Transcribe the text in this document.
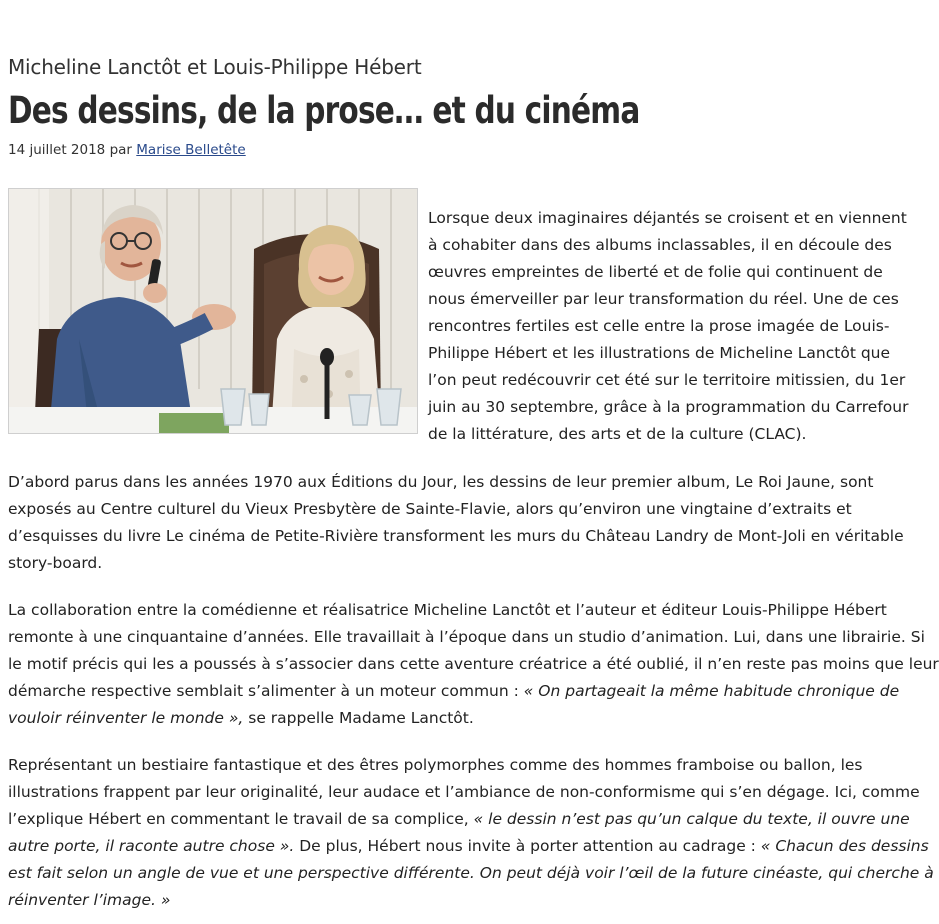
Micheline Lanctôt et Louis-Philippe Hébert
Des dessins, de la prose… et du cinéma
14 juillet 2018 par Marise Belletête
Lorsque deux imaginaires déjantés se croisent et en viennent
à cohabiter dans des albums inclassables, il en découle des
œuvres empreintes de liberté et de folie qui continuent de
nous émerveiller par leur transformation du réel. Une de ces
rencontres fertiles est celle entre la prose imagée de Louis-
Philippe Hébert et les illustrations de Micheline Lanctôt que
l’on peut redécouvrir cet été sur le territoire mitissien, du 1er
juin au 30 septembre, grâce à la programmation du Carrefour
de la littérature, des arts et de la culture (CLAC).
D’abord parus dans les années 1970 aux Éditions du Jour, les dessins de leur premier album, Le Roi Jaune, sont
exposés au Centre culturel du Vieux Presbytère de Sainte-Flavie, alors qu’environ une vingtaine d’extraits et
d’esquisses du livre Le cinéma de Petite-Rivière transforment les murs du Château Landry de Mont-Joli en véritable
story-board.
La collaboration entre la comédienne et réalisatrice Micheline Lanctôt et l’auteur et éditeur Louis-Philippe Hébert
remonte à une cinquantaine d’années. Elle travaillait à l’époque dans un studio d’animation. Lui, dans une librairie. Si
le motif précis qui les a poussés à s’associer dans cette aventure créatrice a été oublié, il n’en reste pas moins que leur
démarche respective semblait s’alimenter à un moteur commun : « On partageait la même habitude chronique de
vouloir réinventer le monde », se rappelle Madame Lanctôt.
Représentant un bestiaire fantastique et des êtres polymorphes comme des hommes framboise ou ballon, les
illustrations frappent par leur originalité, leur audace et l’ambiance de non-conformisme qui s’en dégage. Ici, comme
l’explique Hébert en commentant le travail de sa complice, « le dessin n’est pas qu’un calque du texte, il ouvre une
autre porte, il raconte autre chose ». De plus, Hébert nous invite à porter attention au cadrage : « Chacun des dessins
est fait selon un angle de vue et une perspective différente. On peut déjà voir l’œil de la future cinéaste, qui cherche à
réinventer l’image. »
